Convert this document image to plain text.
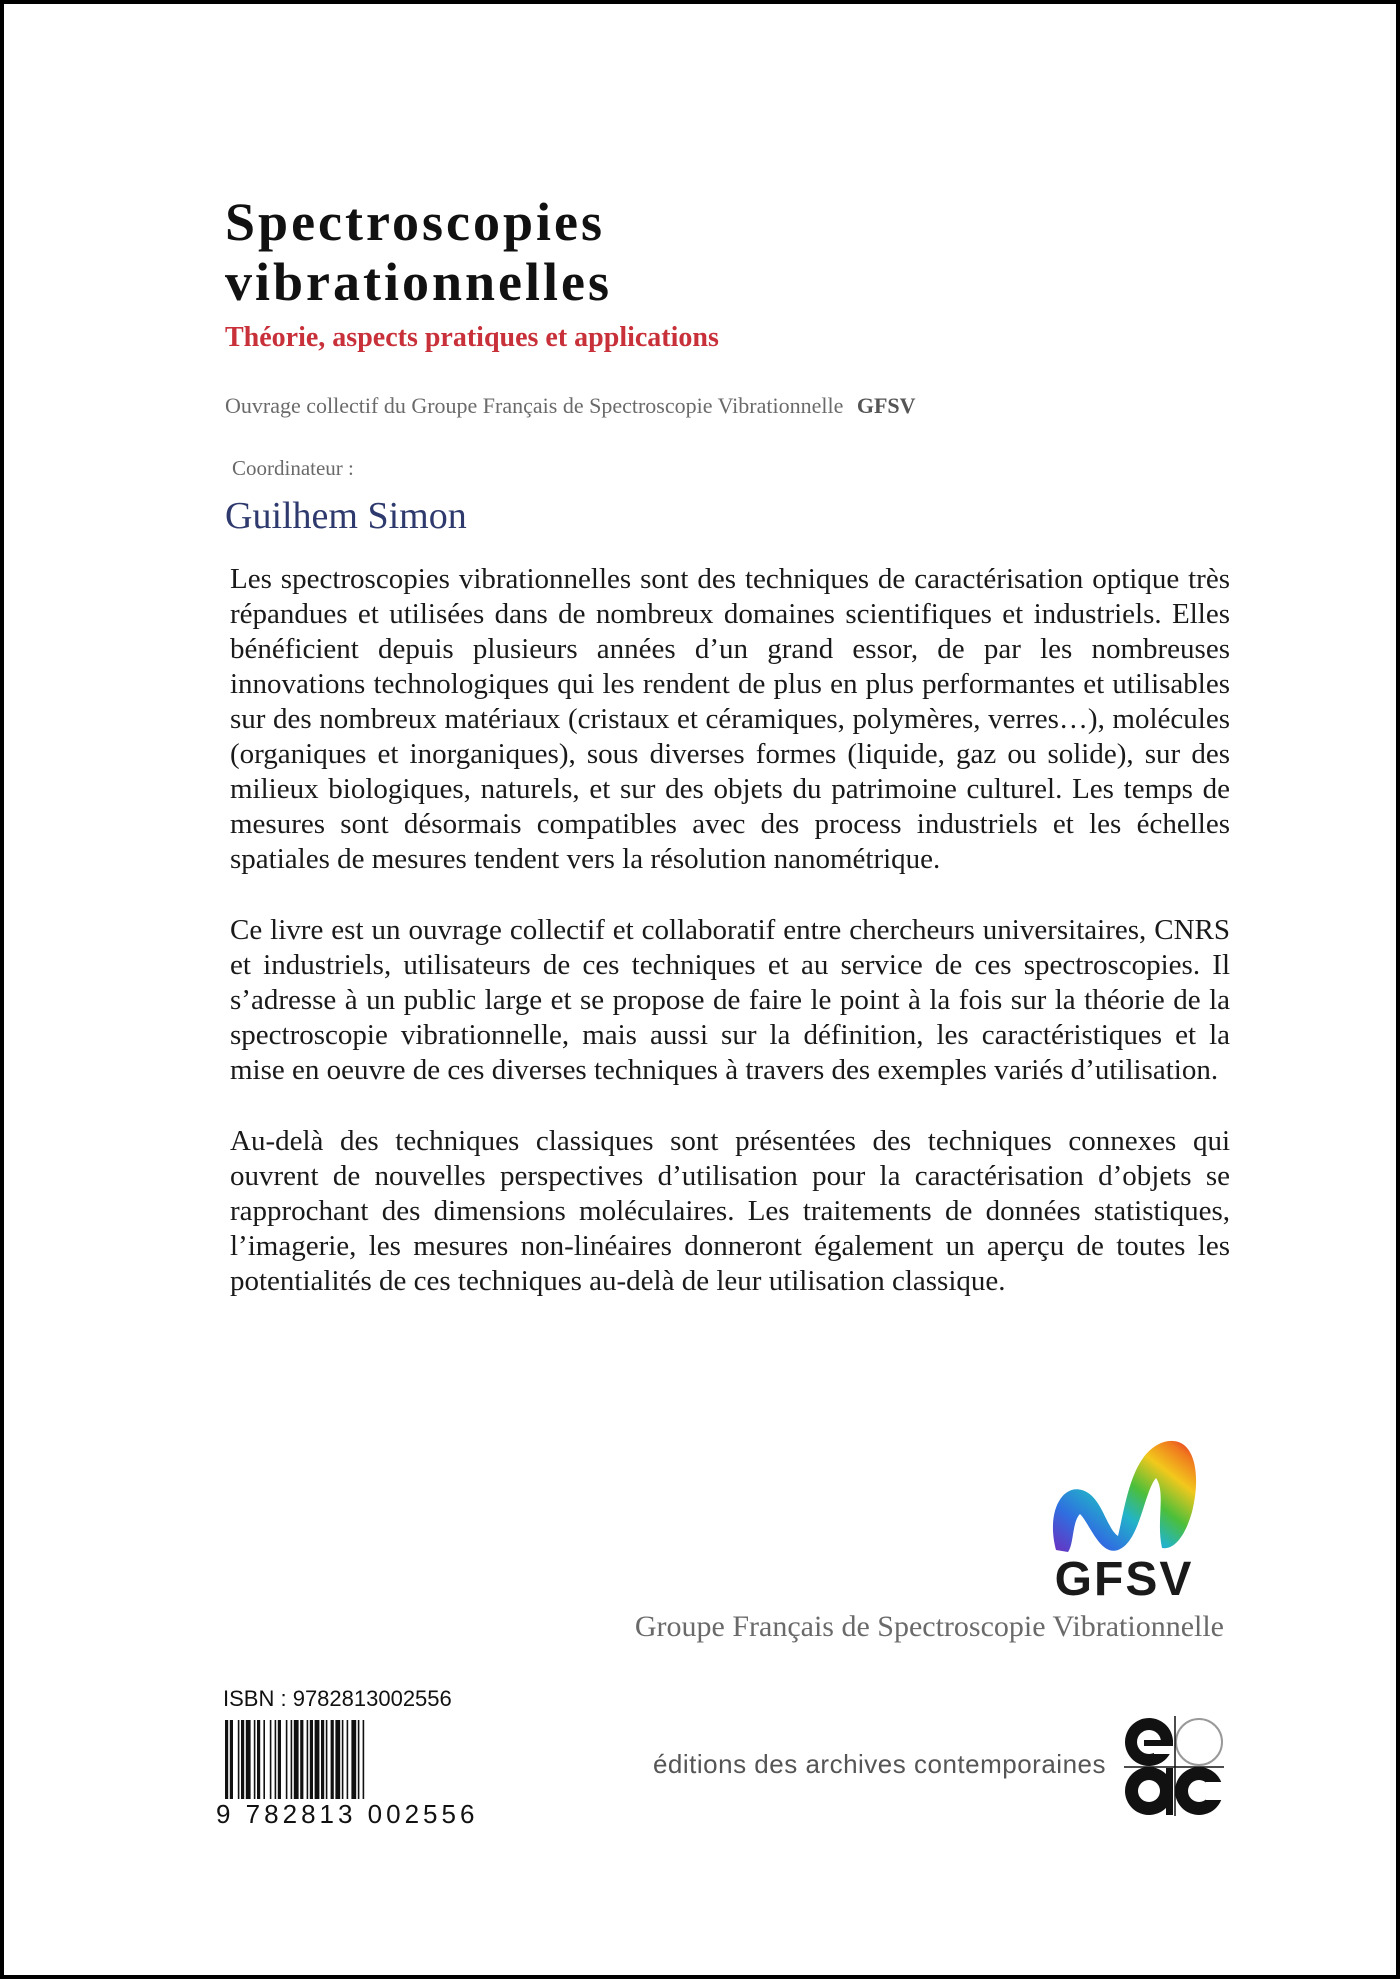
Spectroscopies
vibrationnelles
Théorie, aspects pratiques et applications
Ouvrage collectif du Groupe Français de Spectroscopie Vibrationnelle GFSV
Coordinateur :
Guilhem Simon

Les spectroscopies vibrationnelles sont des techniques de caractérisation optique très répandues et utilisées dans de nombreux domaines scientifiques et industriels. Elles bénéficient depuis plusieurs années d’un grand essor, de par les nombreuses innovations technologiques qui les rendent de plus en plus performantes et utilisables sur des nombreux matériaux (cristaux et céramiques, polymères, verres…), molécules (organiques et inorganiques), sous diverses formes (liquide, gaz ou solide), sur des milieux biologiques, naturels, et sur des objets du patrimoine culturel. Les temps de mesures sont désormais compatibles avec des process industriels et les échelles spatiales de mesures tendent vers la résolution nanométrique.

Ce livre est un ouvrage collectif et collaboratif entre chercheurs universitaires, CNRS et industriels, utilisateurs de ces techniques et au service de ces spectroscopies. Il s’adresse à un public large et se propose de faire le point à la fois sur la théorie de la spectroscopie vibrationnelle, mais aussi sur la définition, les caractéristiques et la mise en oeuvre de ces diverses techniques à travers des exemples variés d’utilisation.

Au-delà des techniques classiques sont présentées des techniques connexes qui ouvrent de nouvelles perspectives d’utilisation pour la caractérisation d’objets se rapprochant des dimensions moléculaires. Les traitements de données statistiques, l’imagerie, les mesures non-linéaires donneront également un aperçu de toutes les potentialités de ces techniques au-delà de leur utilisation classique.

GFSV
Groupe Français de Spectroscopie Vibrationnelle
ISBN : 9782813002556
9 782813 002556
éditions des archives contemporaines
